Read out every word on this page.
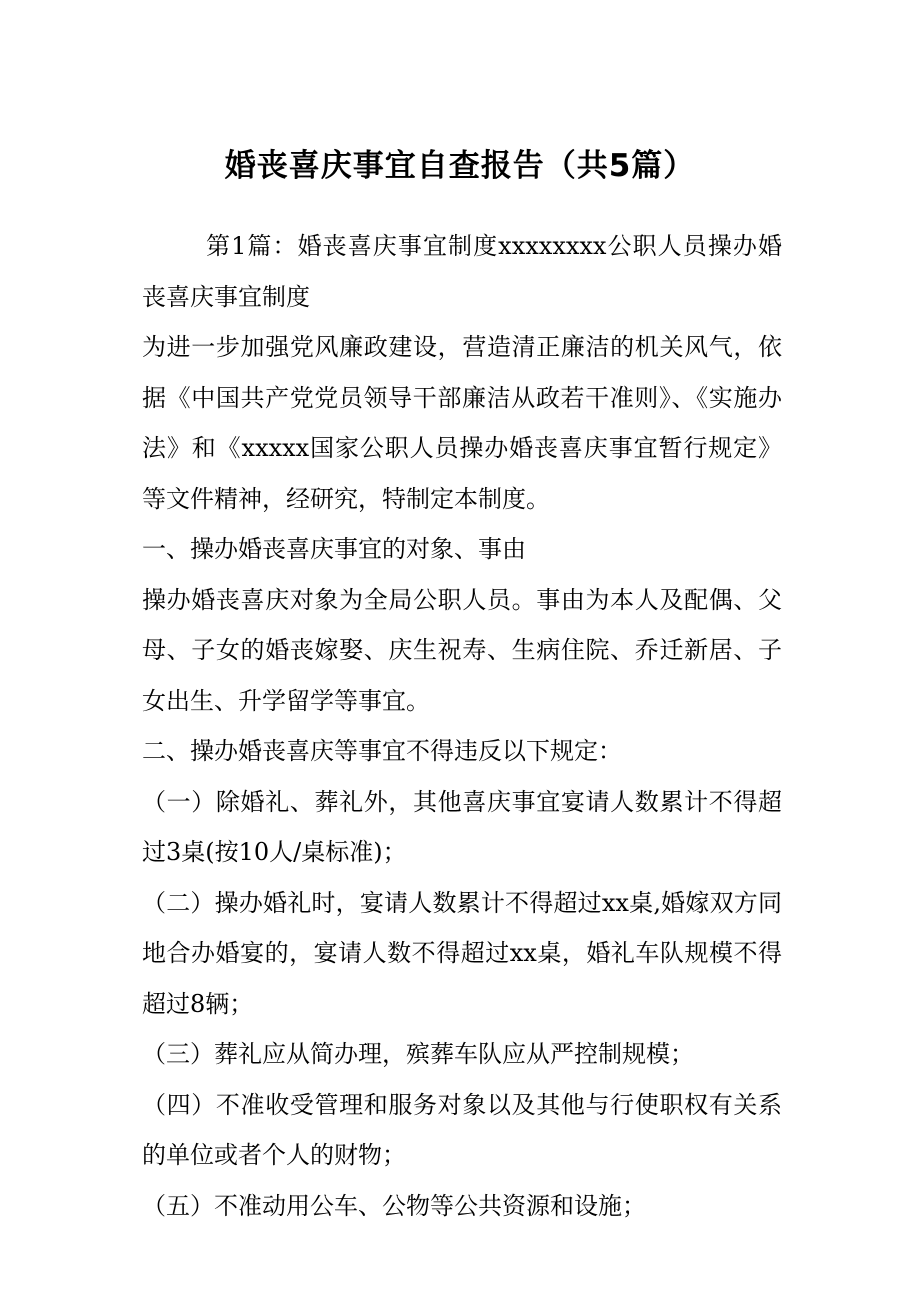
婚丧喜庆事宜自查报告（共5篇）

第1篇：婚丧喜庆事宜制度xxxxxxxx公职人员操办婚丧喜庆事宜制度

为进一步加强党风廉政建设，营造清正廉洁的机关风气，依据《中国共产党党员领导干部廉洁从政若干准则》、《实施办法》和《xxxxx国家公职人员操办婚丧喜庆事宜暂行规定》等文件精神，经研究，特制定本制度。

一、操办婚丧喜庆事宜的对象、事由

操办婚丧喜庆对象为全局公职人员。事由为本人及配偶、父母、子女的婚丧嫁娶、庆生祝寿、生病住院、乔迁新居、子女出生、升学留学等事宜。

二、操办婚丧喜庆等事宜不得违反以下规定：

（一）除婚礼、葬礼外，其他喜庆事宜宴请人数累计不得超过3桌(按10人/桌标准)；

（二）操办婚礼时，宴请人数累计不得超过xx桌,婚嫁双方同地合办婚宴的，宴请人数不得超过xx桌，婚礼车队规模不得超过8辆；

（三）葬礼应从简办理，殡葬车队应从严控制规模；

（四）不准收受管理和服务对象以及其他与行使职权有关系的单位或者个人的财物；

（五）不准动用公车、公物等公共资源和设施；
